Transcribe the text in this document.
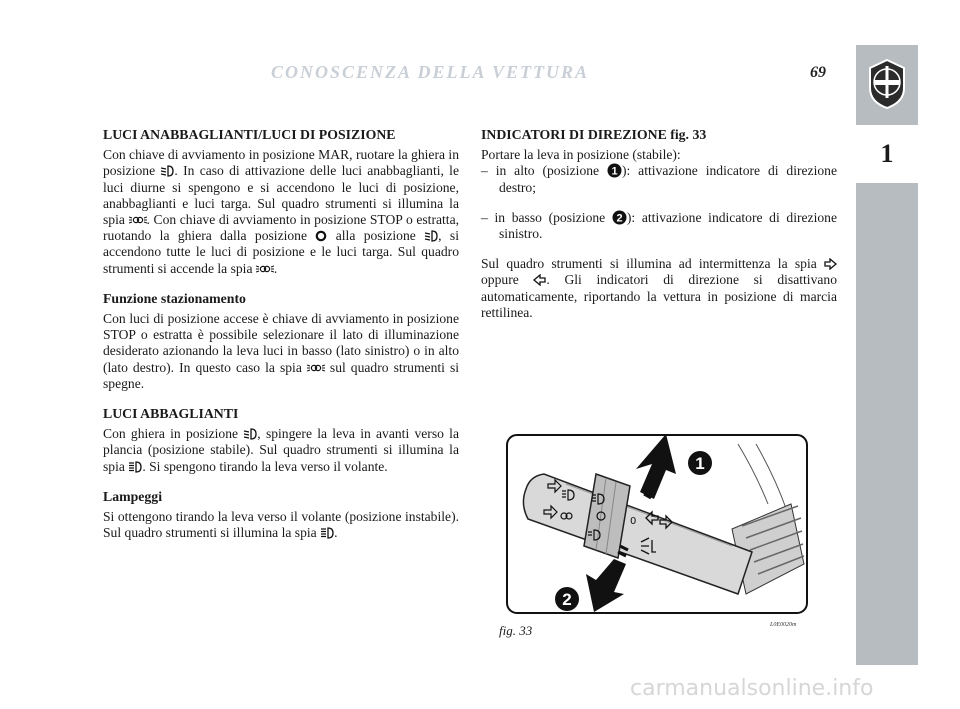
CONOSCENZA DELLA VETTURA	69
1
LUCI ANABBAGLIANTI/LUCI DI POSIZIONE

Con chiave di avviamento in posizione MAR, ruotare la ghiera in posizione . In caso di attivazione delle luci anabbaglianti, le luci diurne si spengono e si accendono le luci di posizione, anabbaglianti e luci targa. Sul quadro strumenti si illumina la spia . Con chiave di avviamento in posizione STOP o estratta, ruotando la ghiera dalla posizione alla posizione , si accendono tutte le luci di posizione e le luci targa. Sul quadro strumenti si accende la spia .

Funzione stazionamento

Con luci di posizione accese è chiave di avviamento in posizione STOP o estratta è possibile selezionare il lato di illuminazione desiderato azionando la leva luci in basso (lato sinistro) o in alto (lato destro). In questo caso la spia sul quadro strumenti si spegne.

LUCI ABBAGLIANTI

Con ghiera in posizione , spingere la leva in avanti verso la plancia (posizione stabile). Sul quadro strumenti si illumina la spia . Si spengono tirando la leva verso il volante.

Lampeggi

Si ottengono tirando la leva verso il volante (posizione instabile). Sul quadro strumenti si illumina la spia .

INDICATORI DI DIREZIONE fig. 33

Portare la leva in posizione (stabile):

– in alto (posizione 1 ): attivazione indicatore di direzione destro;

– in basso (posizione 2 ): attivazione indicatore di direzione sinistro.

Sul quadro strumenti si illumina ad intermittenza la spia  oppure . Gli indicatori di direzione si disattivano automaticamente, riportando la vettura in posizione di marcia rettilinea.

0
1
2
fig. 33	L0E0020m
carmanualsonline.info
